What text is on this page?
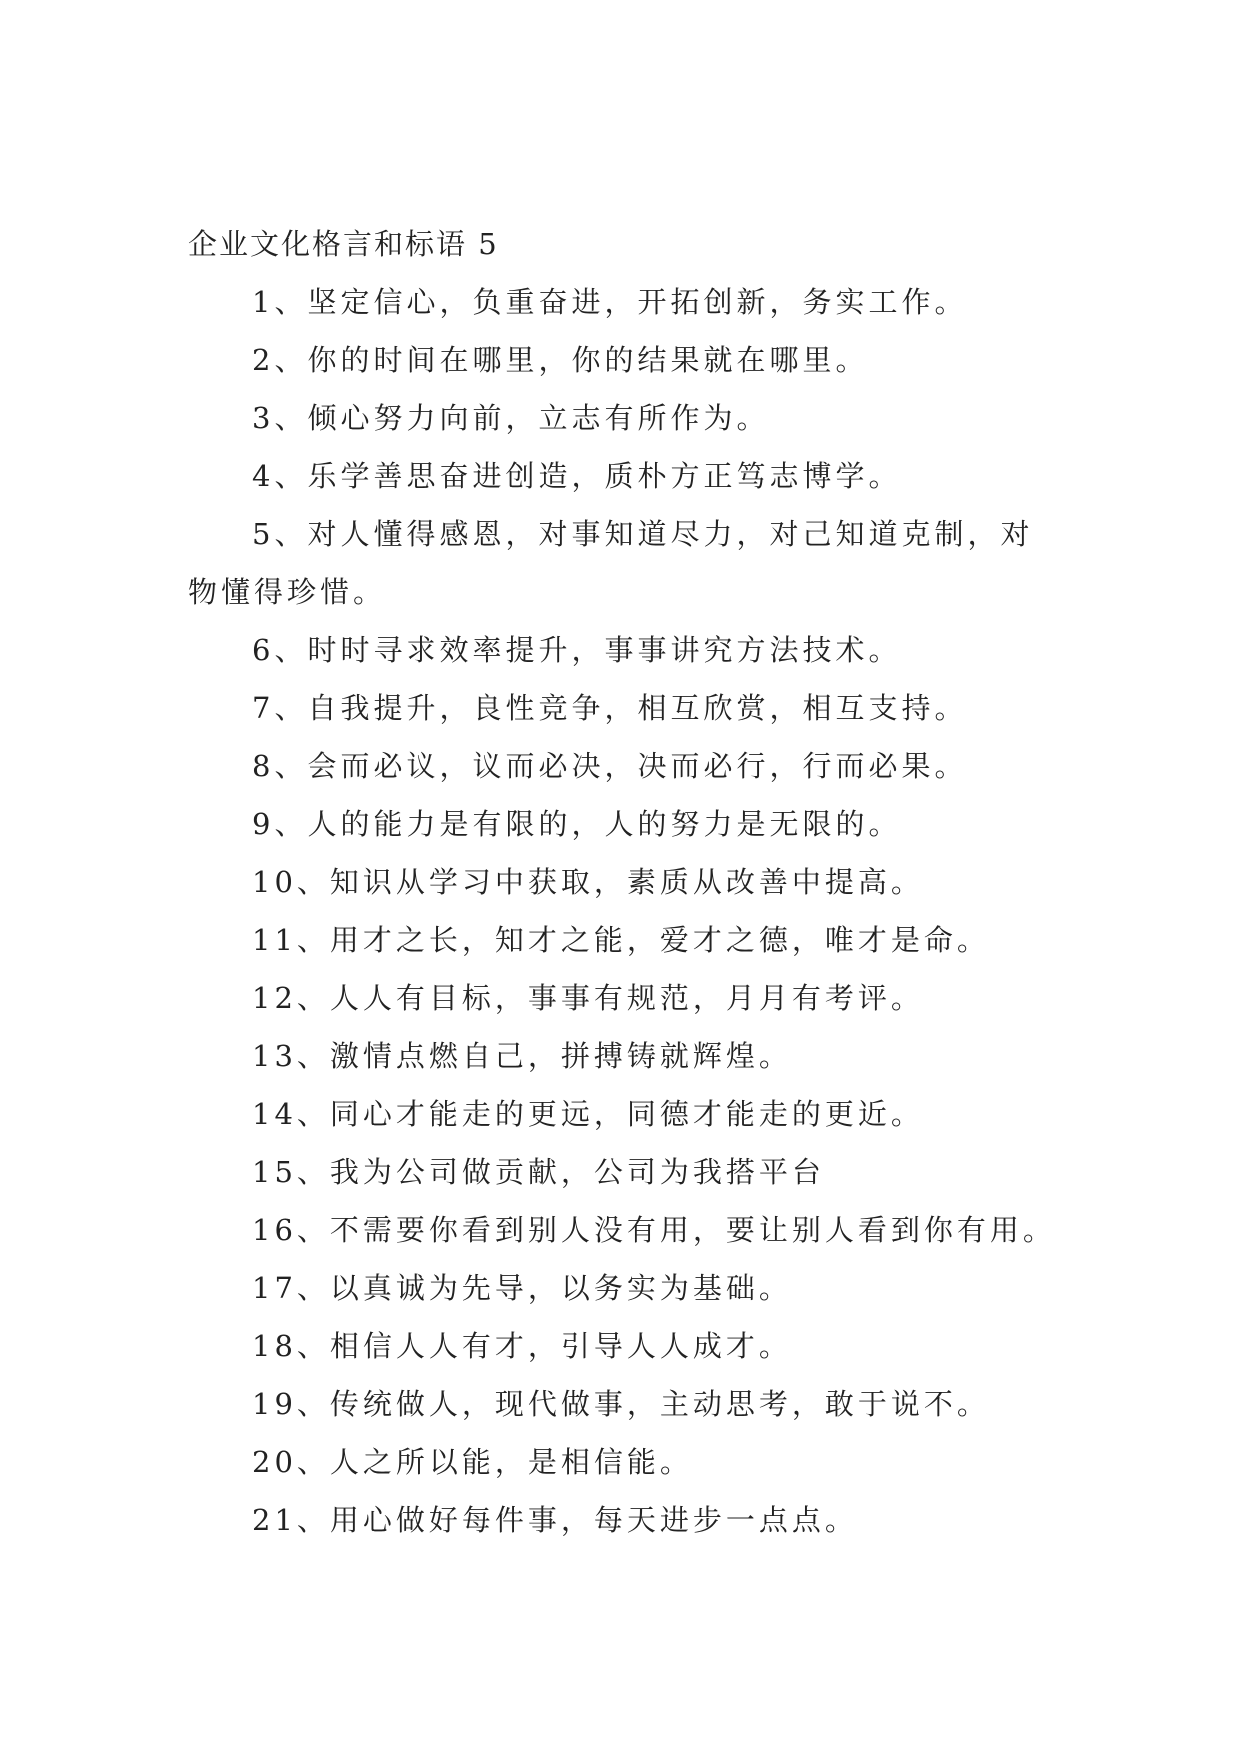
企业文化格言和标语 5

1、坚定信心，负重奋进，开拓创新，务实工作。

2、你的时间在哪里，你的结果就在哪里。

3、倾心努力向前，立志有所作为。

4、乐学善思奋进创造，质朴方正笃志博学。

5、对人懂得感恩，对事知道尽力，对己知道克制，对物懂得珍惜。

6、时时寻求效率提升，事事讲究方法技术。

7、自我提升，良性竞争，相互欣赏，相互支持。

8、会而必议，议而必决，决而必行，行而必果。

9、人的能力是有限的，人的努力是无限的。

10、知识从学习中获取，素质从改善中提高。

11、用才之长，知才之能，爱才之德，唯才是命。

12、人人有目标，事事有规范，月月有考评。

13、激情点燃自己，拼搏铸就辉煌。

14、同心才能走的更远，同德才能走的更近。

15、我为公司做贡献，公司为我搭平台

16、不需要你看到别人没有用，要让别人看到你有用。

17、以真诚为先导，以务实为基础。

18、相信人人有才，引导人人成才。

19、传统做人，现代做事，主动思考，敢于说不。

20、人之所以能，是相信能。

21、用心做好每件事，每天进步一点点。
